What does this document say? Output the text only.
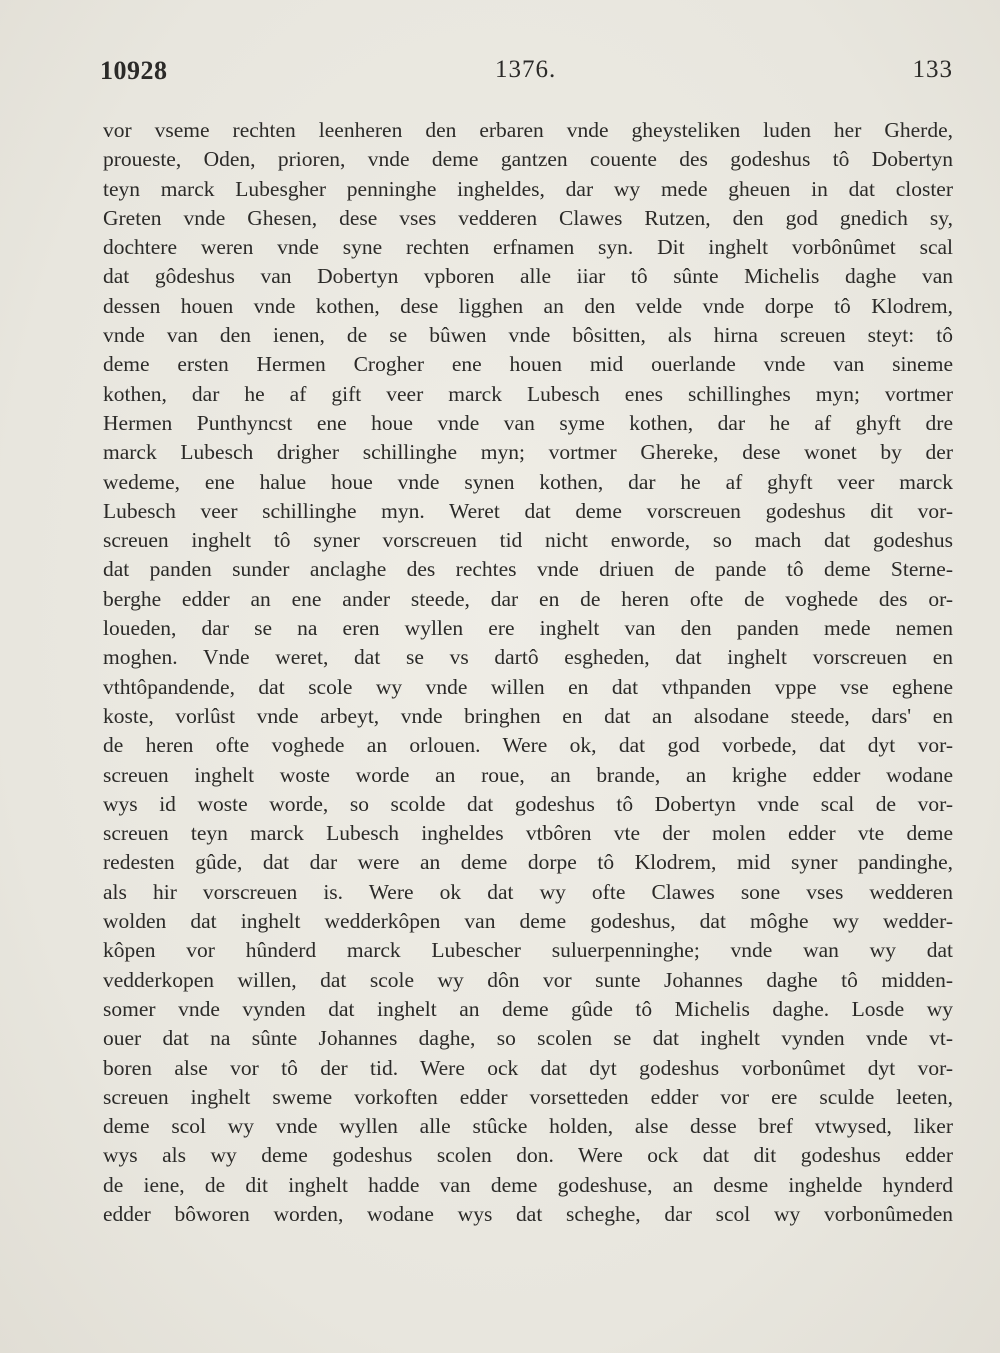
10928	1376.	133
vor vseme rechten leenheren den erbaren vnde gheysteliken luden her Gherde,
proueste, Oden, prioren, vnde deme gantzen couente des godeshus tô Dobertyn
teyn marck Lubesgher penninghe ingheldes, dar wy mede gheuen in dat closter
Greten vnde Ghesen, dese vses vedderen Clawes Rutzen, den god gnedich sy,
dochtere weren vnde syne rechten erfnamen syn. Dit inghelt vorbônûmet scal
dat gôdeshus van Dobertyn vpboren alle iiar tô sûnte Michelis daghe van
dessen houen vnde kothen, dese ligghen an den velde vnde dorpe tô Klodrem,
vnde van den ienen, de se bûwen vnde bôsitten, als hirna screuen steyt: tô
deme ersten Hermen Crogher ene houen mid ouerlande vnde van sineme
kothen, dar he af gift veer marck Lubesch enes schillinghes myn; vortmer
Hermen Punthyncst ene houe vnde van syme kothen, dar he af ghyft dre
marck Lubesch drigher schillinghe myn; vortmer Ghereke, dese wonet by der
wedeme, ene halue houe vnde synen kothen, dar he af ghyft veer marck
Lubesch veer schillinghe myn. Weret dat deme vorscreuen godeshus dit vor-
screuen inghelt tô syner vorscreuen tid nicht enworde, so mach dat godeshus
dat panden sunder anclaghe des rechtes vnde driuen de pande tô deme Sterne-
berghe edder an ene ander steede, dar en de heren ofte de voghede des or-
loueden, dar se na eren wyllen ere inghelt van den panden mede nemen
moghen. Vnde weret, dat se vs dartô esgheden, dat inghelt vorscreuen en
vthtôpandende, dat scole wy vnde willen en dat vthpanden vppe vse eghene
koste, vorlûst vnde arbeyt, vnde bringhen en dat an alsodane steede, dars' en
de heren ofte voghede an orlouen. Were ok, dat god vorbede, dat dyt vor-
screuen inghelt woste worde an roue, an brande, an krighe edder wodane
wys id woste worde, so scolde dat godeshus tô Dobertyn vnde scal de vor-
screuen teyn marck Lubesch ingheldes vtbôren vte der molen edder vte deme
redesten gûde, dat dar were an deme dorpe tô Klodrem, mid syner pandinghe,
als hir vorscreuen is. Were ok dat wy ofte Clawes sone vses wedderen
wolden dat inghelt wedderkôpen van deme godeshus, dat môghe wy wedder-
kôpen vor hûnderd marck Lubescher suluerpenninghe; vnde wan wy dat
vedderkopen willen, dat scole wy dôn vor sunte Johannes daghe tô midden-
somer vnde vynden dat inghelt an deme gûde tô Michelis daghe. Losde wy
ouer dat na sûnte Johannes daghe, so scolen se dat inghelt vynden vnde vt-
boren alse vor tô der tid. Were ock dat dyt godeshus vorbonûmet dyt vor-
screuen inghelt sweme vorkoften edder vorsetteden edder vor ere sculde leeten,
deme scol wy vnde wyllen alle stûcke holden, alse desse bref vtwysed, liker
wys als wy deme godeshus scolen don. Were ock dat dit godeshus edder
de iene, de dit inghelt hadde van deme godeshuse, an desme inghelde hynderd
edder bôworen worden, wodane wys dat scheghe, dar scol wy vorbonûmeden
